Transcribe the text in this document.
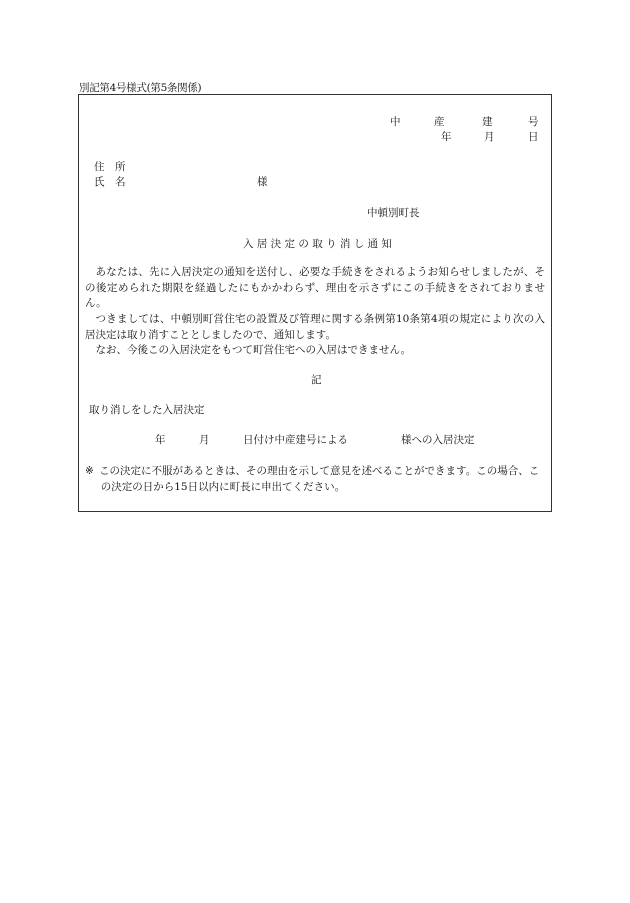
別記第4号様式(第5条関係)
中	産	建	号
年	月	日
住　所
氏　名	様
中頓別町長
入 居 決 定 の 取 り 消 し 通 知
あなたは、先に入居決定の通知を送付し、必要な手続きをされるようお知らせしましたが、その後定められた期限を経過したにもかかわらず、理由を示さずにこの手続きをされておりません。
つきましては、中頓別町営住宅の設置及び管理に関する条例第10条第4項の規定により次の入居決定は取り消すこととしましたので、通知します。
なお、今後この入居決定をもつて町営住宅への入居はできません。
記
取り消しをした入居決定
年	月	日付け中産建号による	様への入居決定
※ この決定に不服があるときは、その理由を示して意見を述べることができます。この場合、この決定の日から15日以内に町長に申出てください。
